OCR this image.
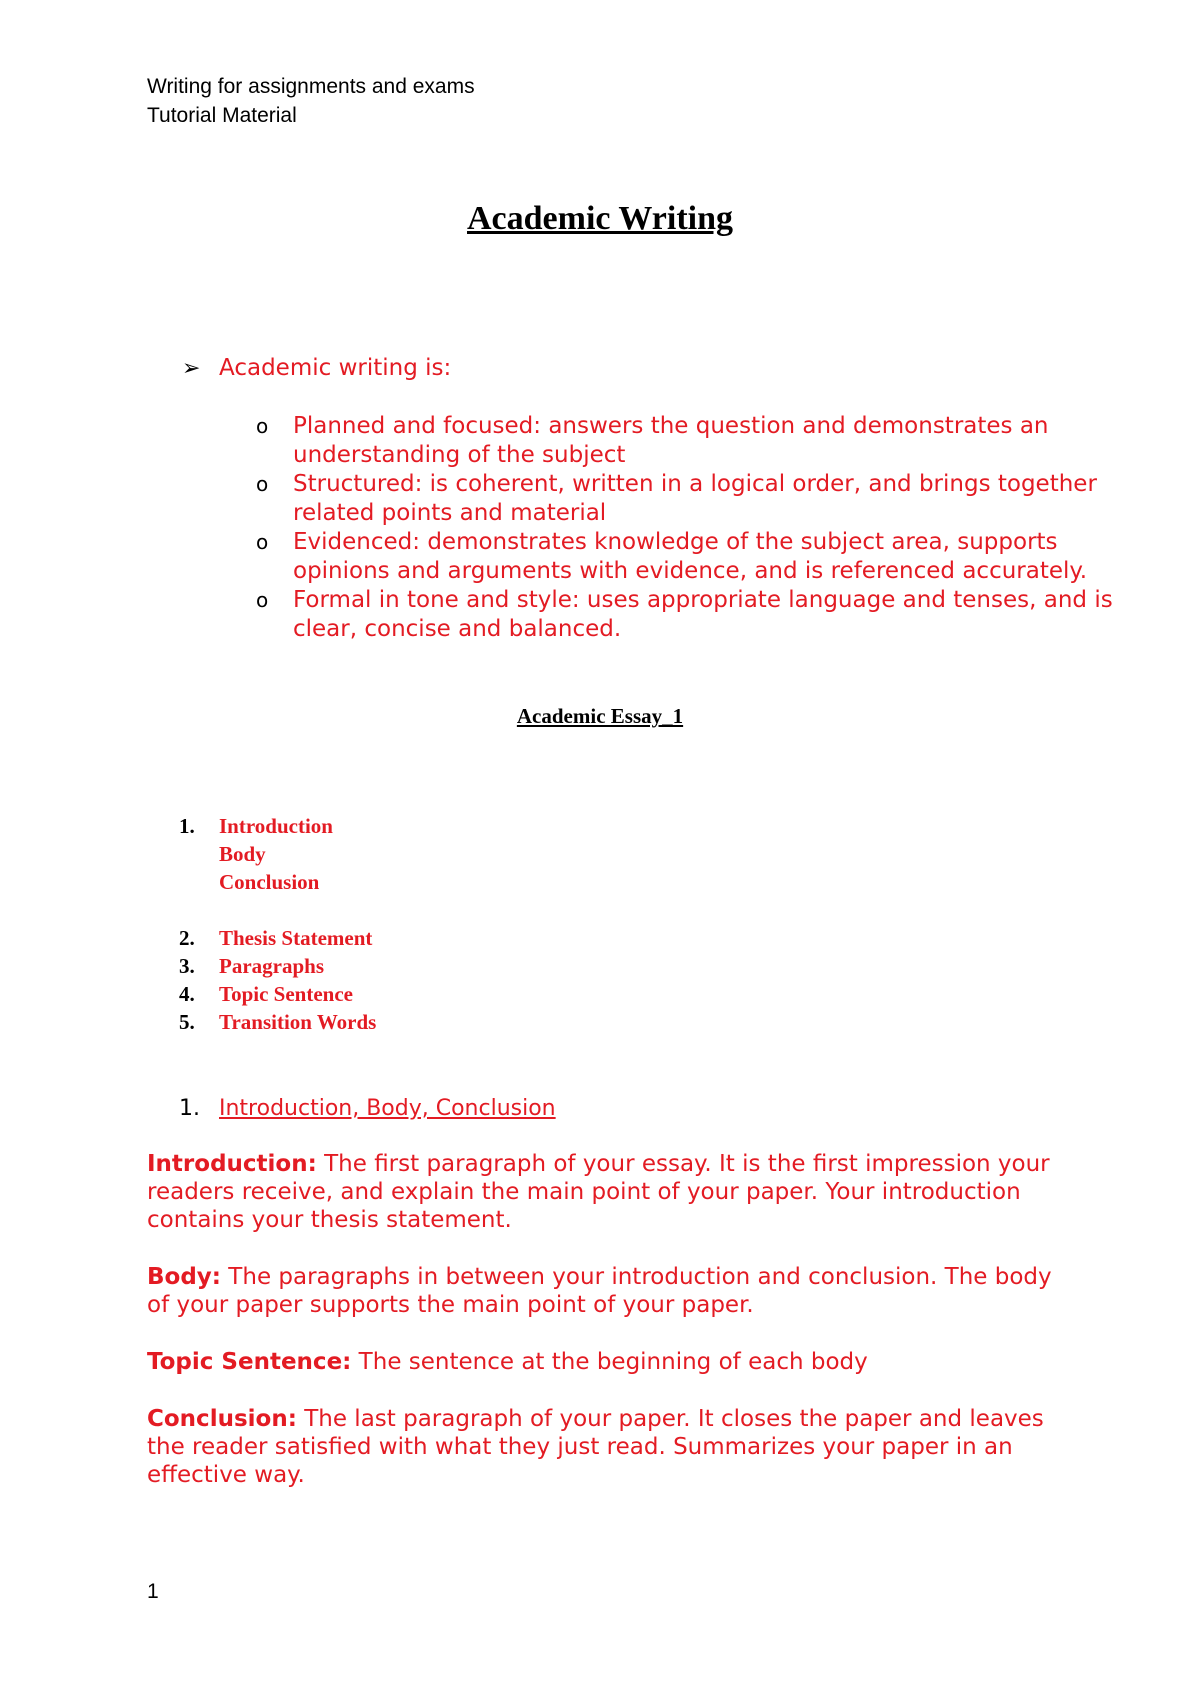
Writing for assignments and exams
Tutorial Material
Academic Writing
➢ Academic writing is:

o Planned and focused: answers the question and demonstrates an understanding of the subject

o Structured: is coherent, written in a logical order, and brings together related points and material

o Evidenced: demonstrates knowledge of the subject area, supports opinions and arguments with evidence, and is referenced accurately.

o Formal in tone and style: uses appropriate language and tenses, and is clear, concise and balanced.

Academic Essay_1
1. Introduction
Body
Conclusion
2. Thesis Statement
3. Paragraphs
4. Topic Sentence
5. Transition Words
1. Introduction, Body, Conclusion

Introduction: The first paragraph of your essay. It is the first impression your readers receive, and explain the main point of your paper. Your introduction contains your thesis statement.

Body: The paragraphs in between your introduction and conclusion. The body of your paper supports the main point of your paper.

Topic Sentence: The sentence at the beginning of each body

Conclusion: The last paragraph of your paper. It closes the paper and leaves the reader satisfied with what they just read. Summarizes your paper in an effective way.

1
